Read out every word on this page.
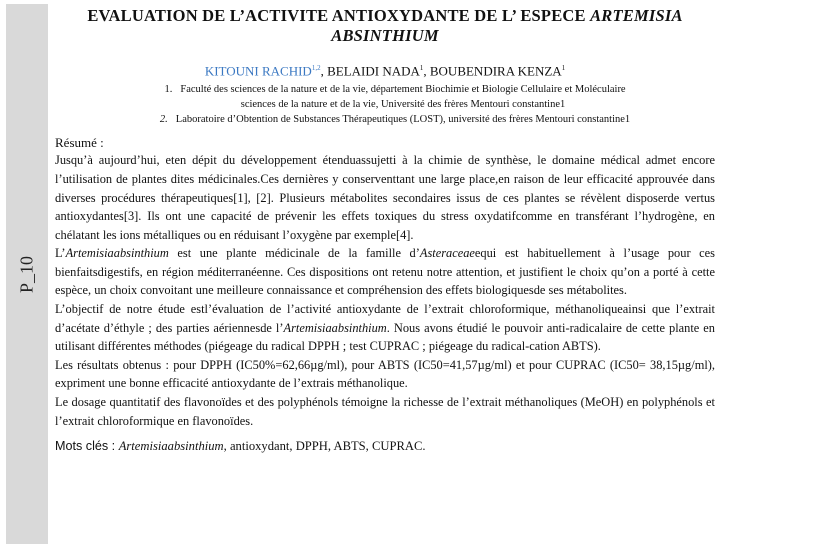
P_10
EVALUATION DE L’ACTIVITE ANTIOXYDANTE DE L’ ESPECE ARTEMISIA
ABSINTHIUM
KITOUNI RACHID$^{1,2}$, BELAIDI NADA$^1$, BOUBENDIRA KENZA$^1$
1. Faculté des sciences de la nature et de la vie, département Biochimie et Biologie Cellulaire et Moléculaire
sciences de la nature et de la vie, Université des frères Mentouri constantine1
2. Laboratoire d’Obtention de Substances Thérapeutiques (LOST), université des frères Mentouri constantine1
Résumé :

Jusqu’à aujourd’hui, eten dépit du développement étenduassujetti à la chimie de synthèse, le domaine médical admet encore l’utilisation de plantes dites médicinales.Ces dernières y conserventtant une large place,en raison de leur efficacité approuvée dans diverses procédures thérapeutiques[1], [2]. Plusieurs métabolites secondaires issus de ces plantes se révèlent disposerde vertus antioxydantes[3]. Ils ont une capacité de prévenir les effets toxiques du stress oxydatifcomme en transférant l’hydrogène, en chélatant les ions métalliques ou en réduisant l’oxygène par exemple[4].

L’Artemisiaabsinthium est une plante médicinale de la famille d’Asteraceaeequi est habituellement à l’usage pour ces bienfaitsdigestifs, en région méditerranéenne. Ces dispositions ont retenu notre attention, et justifient le choix qu’on a porté à cette espèce, un choix convoitant une meilleure connaissance et compréhension des effets biologiquesde ses métabolites.

L’objectif de notre étude estl’évaluation de l’activité antioxydante de l’extrait chloroformique, méthanoliqueainsi que l’extrait d’acétate d’éthyle ; des parties aériennesde l’Artemisiaabsinthium. Nous avons étudié le pouvoir anti-radicalaire de cette plante en utilisant différentes méthodes (piégeage du radical DPPH ; test CUPRAC ; piégeage du radical-cation ABTS).

Les résultats obtenus : pour DPPH (IC50%=62,66µg/ml), pour ABTS (IC50=41,57µg/ml) et pour CUPRAC (IC50= 38,15µg/ml), expriment une bonne efficacité antioxydante de l’extrais méthanolique.

Le dosage quantitatif des flavonoïdes et des polyphénols témoigne la richesse de l’extrait méthanoliques (MeOH) en polyphénols et l’extrait chloroformique en flavonoïdes.

Mots clés : Artemisiaabsinthium, antioxydant, DPPH, ABTS, CUPRAC.
